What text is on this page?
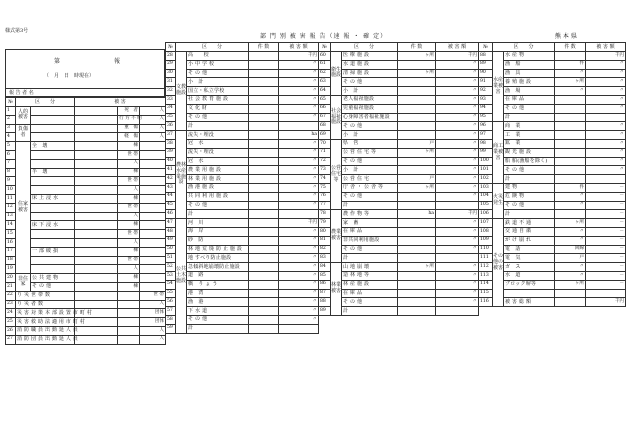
様式第3号
部 門 別 被 害 報 告（速 報 ・ 確 定）	熊 本 県
第　　報
（　月　日　時現在）
報 告 者 名
№	区　　分		被 害		
1	人的被害			死　者	人
2				行 方 不 明	人
3	負傷者			重　傷	人
4				軽　傷	人
5	住家被害	全　壊		棟	
6				世 帯	
7				人	
8		半　壊		棟	
9				世 帯	
10				人	
11		床 上 浸 水		棟	
12				世 帯	
13				人	
14		床 下 浸 水		棟	
15				世 帯	
16				人	
17		一 部 破 損		棟	
18				世 帯	
19				人	
20	非住家	公 共 建 物		棟	
21		そ の 他		棟	
22	り 災 世 帯 数				世 帯
23	り 災 者 数				人
24	災 害 対 策 本 部 設 置 市 町 村				団体
25	災 害 救 助 法 適 用 市 町 村				団体
26	消 防 職 員 出 動 延 人 員				人
27	消 防 団 員 出 動 延 人 員				人
№	区　　分		件 数	被 害 額
28	文教施設	高　　校		千円
29		小 中 学 校		〃
30		そ の 他		〃
31		小　計		〃
32		国立・私立学校		〃
33		社 会 教 育 施 設		〃
34		文 化 財		〃
35		そ の 他		〃
36		計		
37	農林水産業施設	流失・埋没		ha
38		冠　水		〃
39		流失・埋没		〃
40		冠　水		〃
41		農 業 用 施 設		〃
42		林 業 用 施 設		〃
43		漁 港 施 設		〃
44		共 同 利 用 施 設		〃
45		そ の 他		〃
46		計		
47	公共土木施設	河　川		千円
48		海　岸		〃
49		砂　防		〃
50		林 地 荒 廃 防 止 施 設		〃
51		地 すべり防止施設		〃
52		急傾斜地崩壊防止施設		〃
53		道　路		〃
54		橋　り ょ う		〃
55		港　湾		〃
56		漁　港		〃
57		下 水 道		〃
58		そ の 他		〃
59		計		
№	区　　分		件 数	被 害 額
60	衛生施設	医 療 施 設	ヶ所	千円
61		水 道 施 設		〃
62		清 掃 施 設	ヶ所	〃
63		そ の 他		〃
64		小　計		〃
65	社会福祉施設	老人福祉施設		〃
66		児童福祉施設		〃
67		心身障害者福祉施設		〃
68		そ の 他		〃
69		小　計		〃
70	公営住宅等	県　営	戸	〃
71		公 営 住 宅 等	ヶ所	〃
72		そ の 他		〃
73		小　計		〃
74		公 営 住 宅	戸	〃
75		庁 舎 ・ 公 舎 等	ヶ所	〃
76		そ の 他		〃
77		計		
78	農業被害	農 作 物 等	ha	千円
79		家　畜		〃
80		在 庫 品		〃
81		非共同利用施設		〃
82		そ の 他		〃
83		計		
84	林業被害	山 地 崩 壊	ヶ所	〃
85		造 林 地 等		〃
86		林 産 施 設		〃
87		在 庫 品		〃
88		そ の 他		〃
89		計		
№	区　　分		件 数	被 害 額
88	水産業被害	水 産 物		千円
89		漁　船	件	〃
90		漁　具	〃	〃
91		養 殖 施 設	ヶ所	〃
92		漁　場	〃	〃
93		在 庫 品		〃
94		そ の 他		〃
95		計		
96	商工業被害	商　業		〃
97		工　業		〃
98		鉱　業		〃
99		観 光 施 設		〃
100		船 舶(漁船を除く)		〃
101		そ の 他		〃
102		計		
103	火災発生	建 物	件	－
104		危 険 物	〃	－
105		そ の 他	〃	－
106		計		－
107	その他の被害	鉄 道 不 通	ヶ所	－
108		交 通 自 粛	〃	－
109		が け 崩 れ	〃	－
110		電　話	回線	－
111		電　気	戸	－
112		ガ　ス	〃	－
113		水　道	〃	－
114		ブロック塀等	ヶ所	－
115				
116		被 害 総 額		千円
